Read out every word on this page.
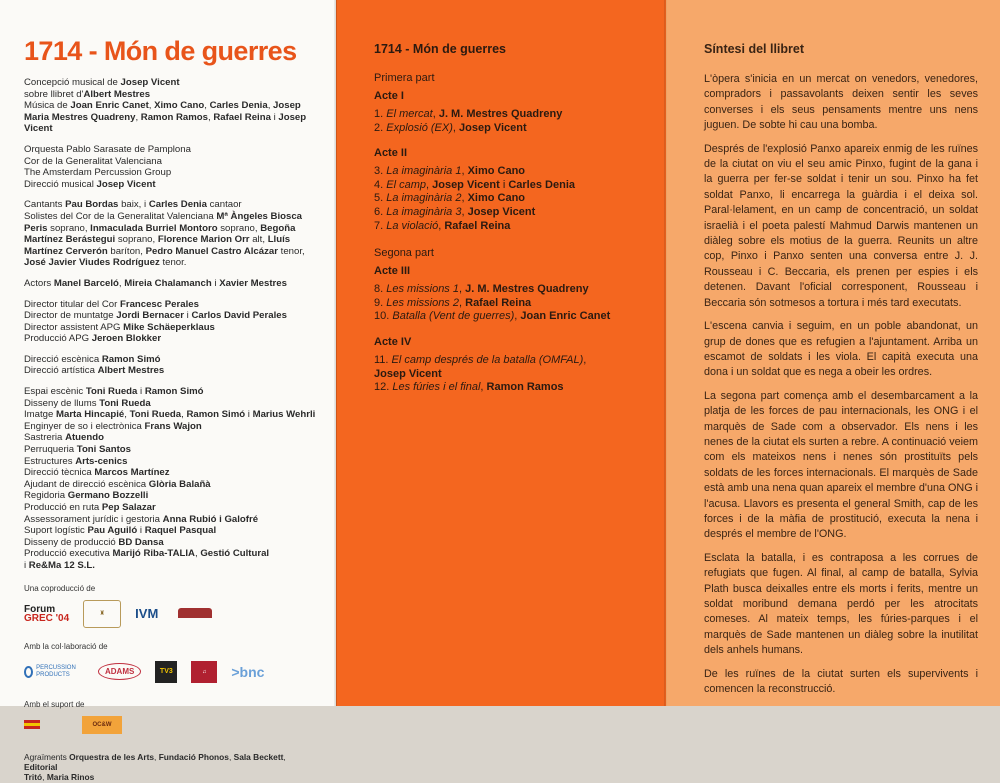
1714 - Món de guerres
Concepció musical de Josep Vicent
sobre llibret d'Albert Mestres
Música de Joan Enric Canet, Ximo Cano, Carles Denia, Josep
Maria Mestres Quadreny, Ramon Ramos, Rafael Reina i Josep
Vicent
Orquesta Pablo Sarasate de Pamplona
Cor de la Generalitat Valenciana
The Amsterdam Percussion Group
Direcció musical Josep Vicent
Cantants Pau Bordas baix, i Carles Denia cantaor
Solistes del Cor de la Generalitat Valenciana Mª Àngeles Biosca
Peris soprano, Inmaculada Burriel Montoro soprano, Begoña
Martínez Berástegui soprano, Florence Marion Orr alt, Lluís
Martínez Cerverón baríton, Pedro Manuel Castro Alcázar tenor,
José Javier Viudes Rodríguez tenor.
Actors Manel Barceló, Mireia Chalamanch i Xavier Mestres
Director titular del Cor Francesc Perales
Director de muntatge Jordi Bernacer i Carlos David Perales
Director assistent APG Mike Schäeperklaus
Producció APG Jeroen Blokker
Direcció escènica Ramon Simó
Direcció artística Albert Mestres
Espai escènic Toni Rueda i Ramon Simó
Disseny de llums Toni Rueda
Imatge Marta Hincapié, Toni Rueda, Ramon Simó i Marius Wehrli
Enginyer de so i electrònica Frans Wajon
Sastreria Atuendo
Perruqueria Toni Santos
Estructures Arts-cenics
Direcció tècnica Marcos Martínez
Ajudant de direcció escènica Glòria Balañà
Regidoria Germano Bozzelli
Producció en ruta Pep Salazar
Assessorament jurídic i gestoria Anna Rubió i Galofré
Suport logístic Pau Aguiló i Raquel Pasqual
Disseny de producció BD Dansa
Producció executiva Marijó Riba-TALIA, Gestió Cultural
i Re&Ma 12 S.L.
Una coproducció de
Forum
GREC '04	♜	IVM
Amb la col·laboració de
PERCUSSION PRODUCTS	ADAMS	TV3	♫	>bnc
Amb el suport de
OC&W
Agraïments Orquestra de les Arts, Fundació Phonos, Sala Beckett, Editorial
Tritó, Maria Rinos
1714 - Món de guerres
Primera part
Acte I
1. El mercat, J. M. Mestres Quadreny
2. Explosió (EX), Josep Vicent
Acte II
3. La imaginària 1, Ximo Cano
4. El camp, Josep Vicent i Carles Denia
5. La imaginària 2, Ximo Cano
6. La imaginària 3, Josep Vicent
7. La violació, Rafael Reina
Segona part
Acte III
8. Les missions 1, J. M. Mestres Quadreny
9. Les missions 2, Rafael Reina
10. Batalla (Vent de guerres), Joan Enric Canet
Acte IV
11. El camp després de la batalla (OMFAL),
Josep Vicent
12. Les fúries i el final, Ramon Ramos
Síntesi del llibret

L'òpera s'inicia en un mercat on venedors, venedores, compradors i passavolants deixen sentir les seves converses i els seus pensaments mentre uns nens juguen. De sobte hi cau una bomba.

Després de l'explosió Panxo apareix enmig de les ruïnes de la ciutat on viu el seu amic Pinxo, fugint de la gana i la guerra per fer-se soldat i tenir un sou. Pinxo ha fet soldat Panxo, li encarrega la guàrdia i el deixa sol. Paral·lelament, en un camp de concentració, un soldat israelià i el poeta palestí Mahmud Darwis mantenen un diàleg sobre els motius de la guerra. Reunits un altre cop, Pinxo i Panxo senten una conversa entre J. J. Rousseau i C. Beccaria, els prenen per espies i els detenen. Davant l'oficial corresponent, Rousseau i Beccaria són sotmesos a tortura i més tard executats.

L'escena canvia i seguim, en un poble abandonat, un grup de dones que es refugien a l'ajuntament. Arriba un escamot de soldats i les viola. El capità executa una dona i un soldat que es nega a obeir les ordres.

La segona part comença amb el desembarcament a la platja de les forces de pau internacionals, les ONG i el marquès de Sade com a observador. Els nens i les nenes de la ciutat els surten a rebre. A continuació veiem com els mateixos nens i nenes són prostituïts pels soldats de les forces internacionals. El marquès de Sade està amb una nena quan apareix el membre d'una ONG i l'acusa. Llavors es presenta el general Smith, cap de les forces i de la màfia de prostitució, executa la nena i després el membre de l'ONG.

Esclata la batalla, i es contraposa a les corrues de refugiats que fugen. Al final, al camp de batalla, Sylvia Plath busca deixalles entre els morts i ferits, mentre un soldat moribund demana perdó per les atrocitats comeses. Al mateix temps, les fúries-parques i el marquès de Sade mantenen un diàleg sobre la inutilitat dels anhels humans.

De les ruïnes de la ciutat surten els supervivents i comencen la reconstrucció.
